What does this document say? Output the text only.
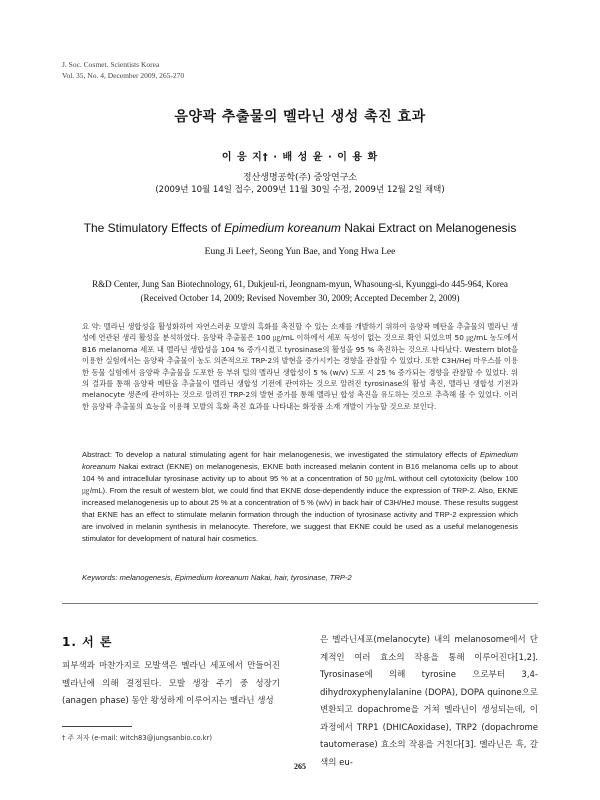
J. Soc. Cosmet. Scientists Korea
Vol. 35, No. 4, December 2009, 265-270
음양곽 추출물의 멜라닌 생성 촉진 효과
이 응 지† · 배 성 윤 · 이 용 화
정산생명공학(주) 중앙연구소
(2009년 10월 14일 접수, 2009년 11월 30일 수정, 2009년 12월 2일 채택)
The Stimulatory Effects of Epimedium koreanum Nakai Extract on Melanogenesis
Eung Ji Lee†, Seong Yun Bae, and Yong Hwa Lee
R&D Center, Jung San Biotechnology, 61, Dukjeul-ri, Jeongnam-myun, Whasoung-si, Kyunggi-do 445-964, Korea
(Received October 14, 2009; Revised November 30, 2009; Accepted December 2, 2009)

요 약: 멜라닌 생합성을 활성화하여 자연스러운 모발의 흑화를 촉진할 수 있는 소재를 개발하기 위하여 음양곽 메탄올 추출물의 멜라닌 생성에 연관된 생리 활성을 분석하였다. 음양곽 추출물은 100 ㎍/mL 이하에서 세포 독성이 없는 것으로 확인 되었으며 50 ㎍/mL 농도에서 B16 melanoma 세포 내 멜라닌 생합성을 104 % 증가시켰고 tyrosinase의 활성을 95 % 촉진하는 것으로 나타났다. Western blot을 이용한 실험에서는 음양곽 추출물이 농도 의존적으로 TRP-2의 발현을 증가시키는 경향을 관찰할 수 있었다. 또한 C3H/Hej 마우스를 이용한 동물 실험에서 음양곽 추출물을 도포한 등 부위 털의 멜라닌 생합성이 5 % (w/v) 도포 시 25 % 증가되는 경향을 관찰할 수 있었다. 위의 결과를 통해 음양곽 메탄올 추출물이 멜라닌 생합성 기전에 관여하는 것으로 알려진 tyrosinase의 활성 촉진, 멜라닌 생합성 기전과 melanocyte 생존에 관여하는 것으로 알려진 TRP-2의 발현 증가를 통해 멜라닌 합성 촉진을 유도하는 것으로 추측해 볼 수 있었다. 이러한 음양곽 추출물의 효능을 이용해 모발의 흑화 촉진 효과를 나타내는 화장품 소재 개발이 가능할 것으로 보인다.

Abstract: To develop a natural stimulating agent for hair melanogenesis, we investigated the stimulatory effects of Epimedium koreanum Nakai extract (EKNE) on melanogenesis, EKNE both increased melanin content in B16 melanoma cells up to about 104 % and intracellular tyrosinase activity up to about 95 % at a concentration of 50 ㎍/mL without cell cytotoxicity (below 100 ㎍/mL). From the result of western blot, we could find that EKNE dose-dependently induce the expression of TRP-2. Also, EKNE increased melanogenesis up to about 25 % at a concentration of 5 % (w/v) in back hair of C3H/HeJ mouse. These results suggest that EKNE has an effect to stimulate melanin formation through the induction of tyrosinase activity and TRP-2 expression which are involved in melanin synthesis in melanocyte. Therefore, we suggest that EKNE could be used as a useful melanogenesis stimulator for development of natural hair cosmetics.

Keywords: melanogenesis, Epimedium koreanum Nakai, hair, tyrosinase, TRP-2
1. 서 론

피부색과 마찬가지로 모발색은 멜라닌 세포에서 만들어진 멜라닌에 의해 결정된다. 모발 생장 주기 중 성장기(anagen phase) 동안 왕성하게 이루어지는 멜라닌 생성

은 멜라닌세포(melanocyte) 내의 melanosome에서 단계적인 여러 효소의 작용을 통해 이루어진다[1,2]. Tyrosinase에 의해 tyrosine 으로부터 3,4-dihydroxyphenylalanine (DOPA), DOPA quinone으로 변환되고 dopachrome을 거쳐 멜라닌이 생성되는데, 이 과정에서 TRP1 (DHICAoxidase), TRP2 (dopachrome tautomerase) 효소의 작용을 거친다[3]. 멜라닌은 흑, 갈색의 eu-

† 주 저자 (e-mail: witch83@jungsanbio.co.kr)
265
